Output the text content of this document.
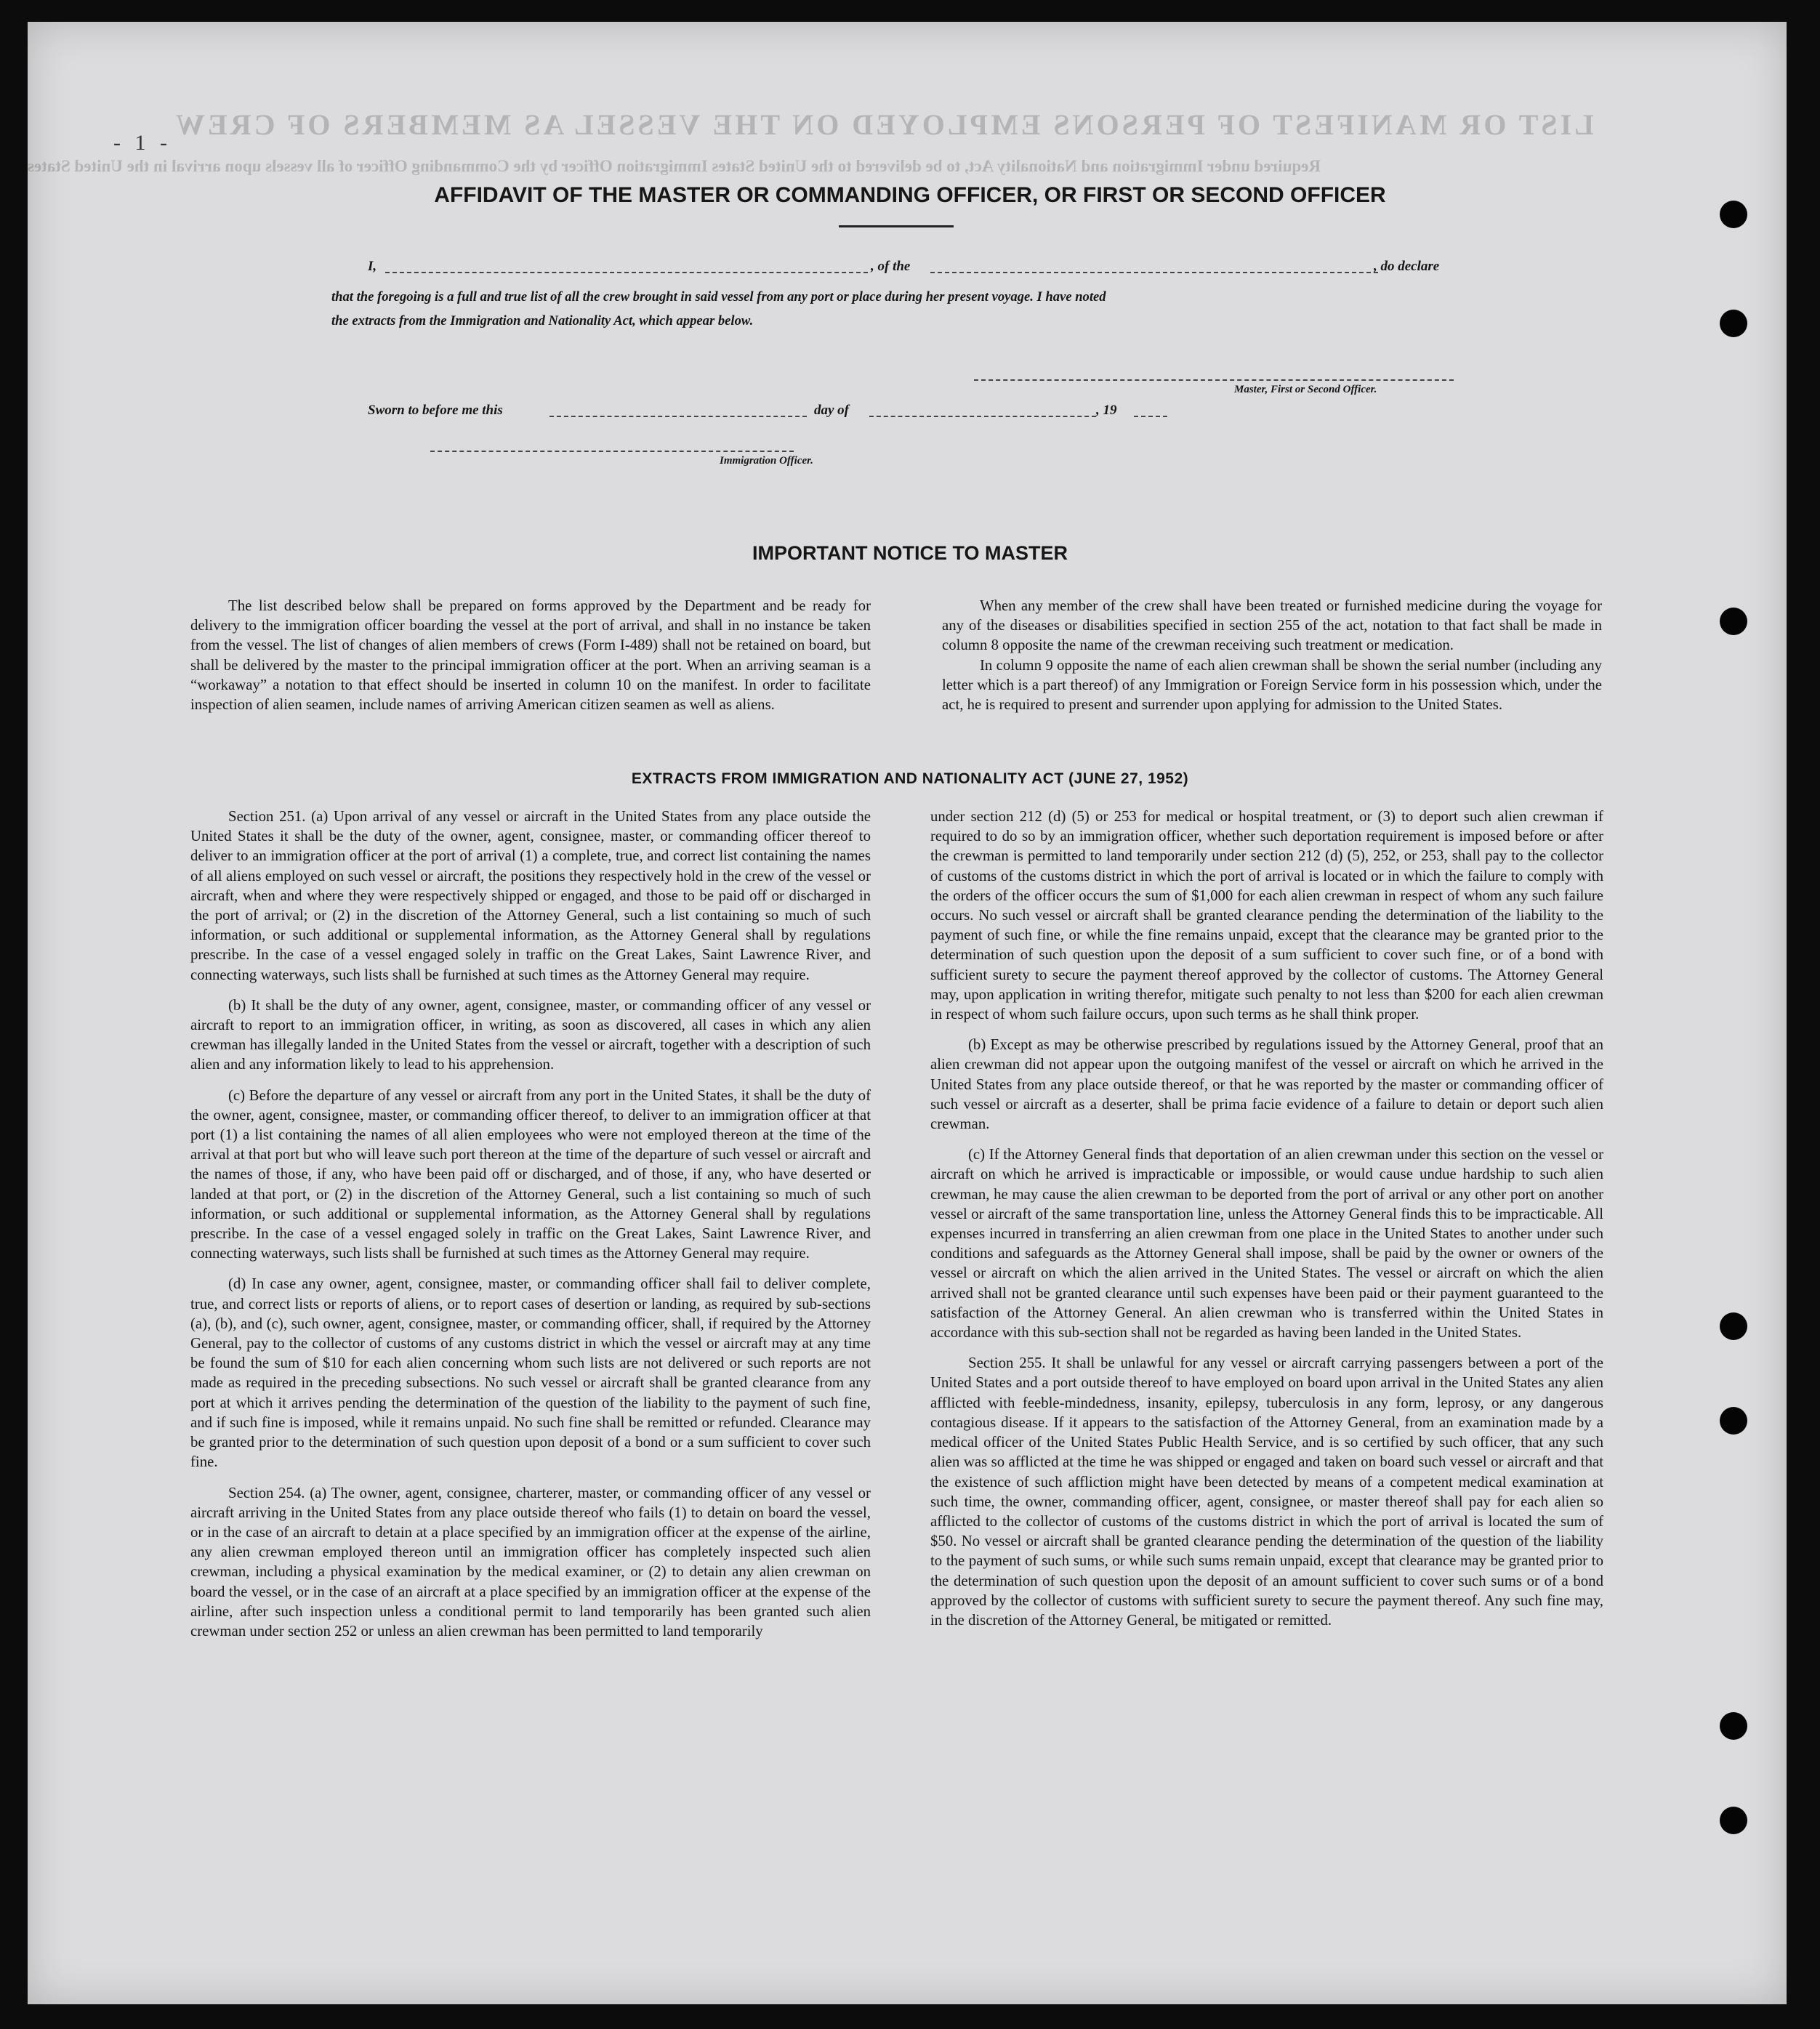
LIST OR MANIFEST OF PERSONS EMPLOYED ON THE VESSEL AS MEMBERS OF CREW
Required under Immigration and Nationality Act, to be delivered to the United States Immigration Officer by the Commanding Officer of all vessels upon arrival in the United States
- 1 -
AFFIDAVIT OF THE MASTER OR COMMANDING OFFICER, OR FIRST OR SECOND OFFICER
I,	, of the	, do declare
that the foregoing is a full and true list of all the crew brought in said vessel from any port or place during her present voyage. I have noted
the extracts from the Immigration and Nationality Act, which appear below.
Master, First or Second Officer.
Sworn to before me this	day of	, 19
Immigration Officer.
IMPORTANT NOTICE TO MASTER

The list described below shall be prepared on forms approved by the Department and be ready for delivery to the immigration officer boarding the vessel at the port of arrival, and shall in no instance be taken from the vessel. The list of changes of alien members of crews (Form I-489) shall not be retained on board, but shall be delivered by the master to the principal immigration officer at the port. When an arriving seaman is a “workaway” a notation to that effect should be inserted in column 10 on the manifest. In order to facilitate inspection of alien seamen, include names of arriving American citizen seamen as well as aliens.

When any member of the crew shall have been treated or furnished medicine during the voyage for any of the diseases or disabilities specified in section 255 of the act, notation to that fact shall be made in column 8 opposite the name of the crewman receiving such treatment or medication.

In column 9 opposite the name of each alien crewman shall be shown the serial number (including any letter which is a part thereof) of any Immigration or Foreign Service form in his possession which, under the act, he is required to present and surrender upon applying for admission to the United States.

EXTRACTS FROM IMMIGRATION AND NATIONALITY ACT (JUNE 27, 1952)

Section 251. (a) Upon arrival of any vessel or aircraft in the United States from any place outside the United States it shall be the duty of the owner, agent, consignee, master, or commanding officer thereof to deliver to an immigration officer at the port of arrival (1) a complete, true, and correct list containing the names of all aliens employed on such vessel or aircraft, the positions they respectively hold in the crew of the vessel or aircraft, when and where they were respectively shipped or engaged, and those to be paid off or discharged in the port of arrival; or (2) in the discretion of the Attorney General, such a list containing so much of such information, or such additional or supplemental information, as the Attorney General shall by regulations prescribe. In the case of a vessel engaged solely in traffic on the Great Lakes, Saint Lawrence River, and connecting waterways, such lists shall be furnished at such times as the Attorney General may require.

(b) It shall be the duty of any owner, agent, consignee, master, or commanding officer of any vessel or aircraft to report to an immigration officer, in writing, as soon as discovered, all cases in which any alien crewman has illegally landed in the United States from the vessel or aircraft, together with a description of such alien and any information likely to lead to his apprehension.

(c) Before the departure of any vessel or aircraft from any port in the United States, it shall be the duty of the owner, agent, consignee, master, or commanding officer thereof, to deliver to an immigration officer at that port (1) a list containing the names of all alien employees who were not employed thereon at the time of the arrival at that port but who will leave such port thereon at the time of the departure of such vessel or aircraft and the names of those, if any, who have been paid off or discharged, and of those, if any, who have deserted or landed at that port, or (2) in the discretion of the Attorney General, such a list containing so much of such information, or such additional or supplemental information, as the Attorney General shall by regulations prescribe. In the case of a vessel engaged solely in traffic on the Great Lakes, Saint Lawrence River, and connecting waterways, such lists shall be furnished at such times as the Attorney General may require.

(d) In case any owner, agent, consignee, master, or commanding officer shall fail to deliver complete, true, and correct lists or reports of aliens, or to report cases of desertion or landing, as required by sub-sections (a), (b), and (c), such owner, agent, consignee, master, or commanding officer, shall, if required by the Attorney General, pay to the collector of customs of any customs district in which the vessel or aircraft may at any time be found the sum of $10 for each alien concerning whom such lists are not delivered or such reports are not made as required in the preceding subsections. No such vessel or aircraft shall be granted clearance from any port at which it arrives pending the determination of the question of the liability to the payment of such fine, and if such fine is imposed, while it remains unpaid. No such fine shall be remitted or refunded. Clearance may be granted prior to the determination of such question upon deposit of a bond or a sum sufficient to cover such fine.

Section 254. (a) The owner, agent, consignee, charterer, master, or commanding officer of any vessel or aircraft arriving in the United States from any place outside thereof who fails (1) to detain on board the vessel, or in the case of an aircraft to detain at a place specified by an immigration officer at the expense of the airline, any alien crewman employed thereon until an immigration officer has completely inspected such alien crewman, including a physical examination by the medical examiner, or (2) to detain any alien crewman on board the vessel, or in the case of an aircraft at a place specified by an immigration officer at the expense of the airline, after such inspection unless a conditional permit to land temporarily has been granted such alien crewman under section 252 or unless an alien crewman has been permitted to land temporarily

under section 212 (d) (5) or 253 for medical or hospital treatment, or (3) to deport such alien crewman if required to do so by an immigration officer, whether such deportation requirement is imposed before or after the crewman is permitted to land temporarily under section 212 (d) (5), 252, or 253, shall pay to the collector of customs of the customs district in which the port of arrival is located or in which the failure to comply with the orders of the officer occurs the sum of $1,000 for each alien crewman in respect of whom any such failure occurs. No such vessel or aircraft shall be granted clearance pending the determination of the liability to the payment of such fine, or while the fine remains unpaid, except that the clearance may be granted prior to the determination of such question upon the deposit of a sum sufficient to cover such fine, or of a bond with sufficient surety to secure the payment thereof approved by the collector of customs. The Attorney General may, upon application in writing therefor, mitigate such penalty to not less than $200 for each alien crewman in respect of whom such failure occurs, upon such terms as he shall think proper.

(b) Except as may be otherwise prescribed by regulations issued by the Attorney General, proof that an alien crewman did not appear upon the outgoing manifest of the vessel or aircraft on which he arrived in the United States from any place outside thereof, or that he was reported by the master or commanding officer of such vessel or aircraft as a deserter, shall be prima facie evidence of a failure to detain or deport such alien crewman.

(c) If the Attorney General finds that deportation of an alien crewman under this section on the vessel or aircraft on which he arrived is impracticable or impossible, or would cause undue hardship to such alien crewman, he may cause the alien crewman to be deported from the port of arrival or any other port on another vessel or aircraft of the same transportation line, unless the Attorney General finds this to be impracticable. All expenses incurred in transferring an alien crewman from one place in the United States to another under such conditions and safeguards as the Attorney General shall impose, shall be paid by the owner or owners of the vessel or aircraft on which the alien arrived in the United States. The vessel or aircraft on which the alien arrived shall not be granted clearance until such expenses have been paid or their payment guaranteed to the satisfaction of the Attorney General. An alien crewman who is transferred within the United States in accordance with this sub-section shall not be regarded as having been landed in the United States.

Section 255. It shall be unlawful for any vessel or aircraft carrying passengers between a port of the United States and a port outside thereof to have employed on board upon arrival in the United States any alien afflicted with feeble-mindedness, insanity, epilepsy, tuberculosis in any form, leprosy, or any dangerous contagious disease. If it appears to the satisfaction of the Attorney General, from an examination made by a medical officer of the United States Public Health Service, and is so certified by such officer, that any such alien was so afflicted at the time he was shipped or engaged and taken on board such vessel or aircraft and that the existence of such affliction might have been detected by means of a competent medical examination at such time, the owner, commanding officer, agent, consignee, or master thereof shall pay for each alien so afflicted to the collector of customs of the customs district in which the port of arrival is located the sum of $50. No vessel or aircraft shall be granted clearance pending the determination of the question of the liability to the payment of such sums, or while such sums remain unpaid, except that clearance may be granted prior to the determination of such question upon the deposit of an amount sufficient to cover such sums or of a bond approved by the collector of customs with sufficient surety to secure the payment thereof. Any such fine may, in the discretion of the Attorney General, be mitigated or remitted.
